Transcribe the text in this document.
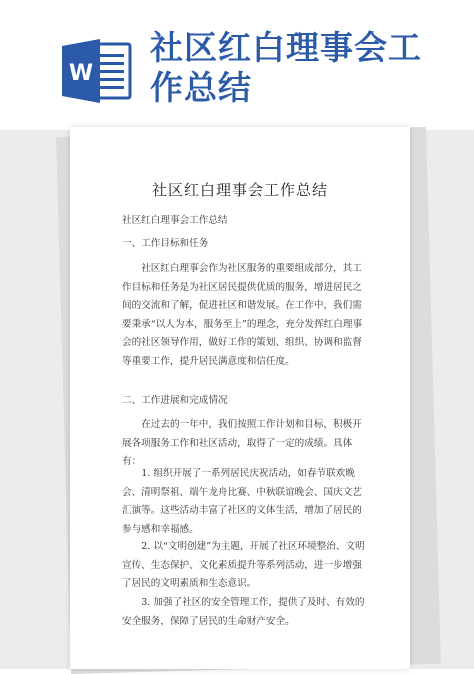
W
社区红白理事会工
作总结
社区红白理事会工作总结

社区红白理事会工作总结

一、工作目标和任务

社区红白理事会作为社区服务的重要组成部分，其工作目标和任务是为社区居民提供优质的服务，增进居民之间的交流和了解，促进社区和谐发展。在工作中，我们需要秉承“以人为本，服务至上”的理念，充分发挥红白理事会的社区领导作用，做好工作的策划、组织、协调和监督等重要工作，提升居民满意度和信任度。

二、工作进展和完成情况

在过去的一年中，我们按照工作计划和目标，积极开展各项服务工作和社区活动，取得了一定的成绩。具体有：

1. 组织开展了一系列居民庆祝活动，如春节联欢晚会、清明祭祖、端午龙舟比赛、中秋联谊晚会、国庆文艺汇演等。这些活动丰富了社区的文体生活，增加了居民的参与感和幸福感。

2. 以“文明创建”为主题，开展了社区环境整治、文明宣传、生态保护、文化素质提升等系列活动，进一步增强了居民的文明素质和生态意识。

3. 加强了社区的安全管理工作，提供了及时、有效的安全服务，保障了居民的生命财产安全。
